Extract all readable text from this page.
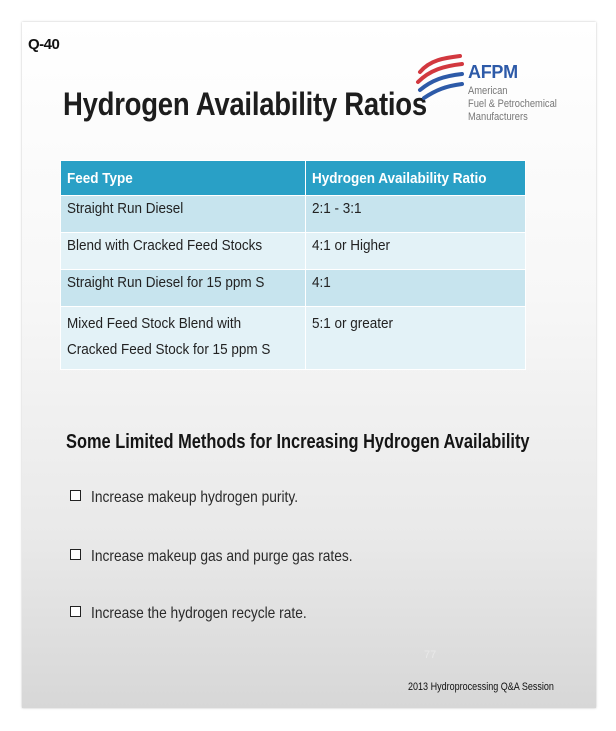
Q-40
Hydrogen Availability Ratios
AFPM
American
Fuel & Petrochemical
Manufacturers
Feed Type	Hydrogen Availability Ratio
Straight Run Diesel	2:1 - 3:1
Blend with Cracked Feed Stocks	4:1 or Higher
Straight Run Diesel for 15 ppm S	4:1
Mixed Feed Stock Blend with
Cracked Feed Stock for 15 ppm S	5:1 or greater
Some Limited Methods for Increasing Hydrogen Availability
Increase makeup hydrogen purity.
Increase makeup gas and purge gas rates.
Increase the hydrogen recycle rate.
77
2013 Hydroprocessing Q&A Session
